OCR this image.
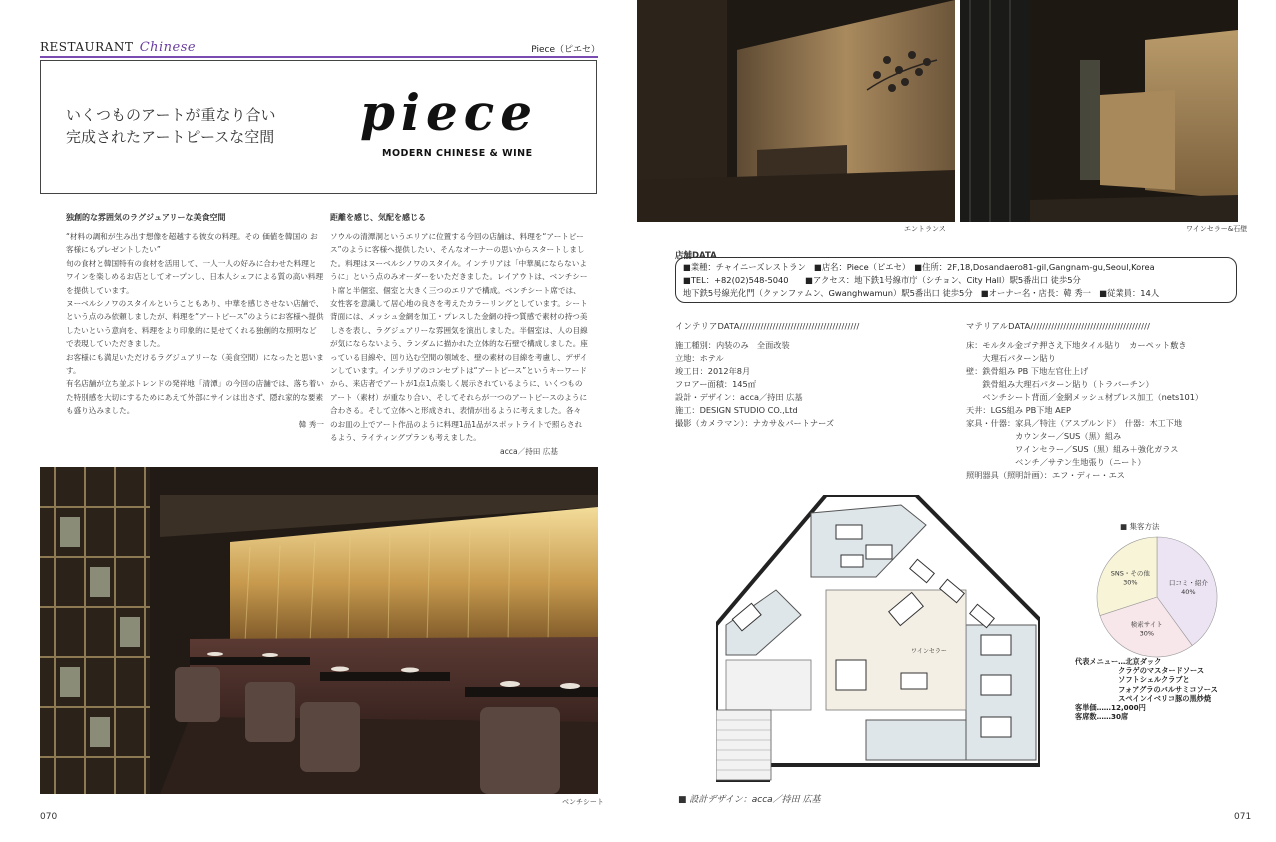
RESTAURANT Chinese	Piece（ピエセ）
いくつものアートが重なり合い
完成されたアートピースな空間 piece
MODERN CHINESE & WINE
独創的な雰囲気のラグジュアリーな美食空間
“材料の調和が生み出す想像を超越する彼女の料理。その 価値を韓国の お客様にもプレゼントしたい”
旬の食材と韓国特有の食材を活用して、一人一人の好みに合わせた料理とワインを楽しめるお店としてオープンし、日本人シェフによる質の高い料理を提供しています。
ヌーベルシノワのスタイルということもあり、中華を感じさせない店舗で、という点のみ依頼しましたが、料理を“アートピース”のようにお客様へ提供したいという意向を、料理をより印象的に見せてくれる独創的な照明などで表現していただきました。
お客様にも満足いただけるラグジュアリーな（美食空間）になったと思います。
有名店舗が立ち並ぶトレンドの発祥地「清潭」の今回の店舗では、落ち着いた特別感を大切にするためにあえて外部にサインは出さず、隠れ家的な要素も盛り込みました。
韓 秀一
距離を感じ、気配を感じる
ソウルの清潭洞というエリアに位置する今回の店舗は、料理を“アートピース”のように客様へ提供したい、そんなオーナーの思いからスタートしました。料理はヌーベルシノワのスタイル。インテリアは「中華風にならないように」という点のみオーダーをいただきました。レイアウトは、ベンチシート席と半個室、個室と大きく三つのエリアで構成。ベンチシート席では、女性客を意識して居心地の良さを考えたカラーリングとしています。シート背面には、メッシュ金網を加工・プレスした金網の持つ質感で素材の持つ美しさを表し、ラグジュアリーな雰囲気を演出しました。半個室は、人の目線が気にならないよう、ランダムに描かれた立体的な石壁で構成しました。座っている目線や、回り込む空間の領域を、壁の素材の目線を考慮し、デザインしています。インテリアのコンセプトは“アートピース”というキーワードから、来店者でアートが1点1点楽しく展示されているように、いくつものアート（素材）が重なり合い、そしてそれらが一つのアートピースのように合わさる。そして立体へと形成され、表情が出るように考えました。各々のお皿の上でアート作品のように料理1品1品がスポットライトで照らされるよう、ライティングプランも考えました。
acca／持田 広基
ベンチシート
070
エントランス	ワインセラー&石壁
店舗DATA
■業種：チャイニーズレストラン　■店名：Piece（ピエセ）　■住所：2F,18,Dosandaero81-gil,Gangnam-gu,Seoul,Korea
■TEL：+82(02)548-5040　　■アクセス：地下鉄1号線市庁（シチョン、City Hall）駅5番出口 徒歩5分
地下鉄5号線光化門（クァンファムン、Gwanghwamun）駅5番出口 徒歩5分　■オーナー名・店長：韓 秀一　■従業員：14人
インテリアDATA////////////////////////////////////////
施工種別：内装のみ　全面改装
立地：ホテル
竣工日：2012年8月
フロアー面積：145㎡
設計・デザイン：acca／持田 広基
施工：DESIGN STUDIO CO.,Ltd
撮影（カメラマン）：ナカサ＆パートナーズ
マテリアルDATA////////////////////////////////////////
床：モルタル金ゴテ押さえ下地タイル貼り　カーペット敷き
　　大理石パターン貼り
壁：鉄骨組み PB 下地左官仕上げ
　　鉄骨組み大理石パターン貼り（トラバーチン）
　　ベンチシート背面／金網メッシュ材プレス加工（nets101）
天井：LGS組み PB下地 AEP
家具・什器：家具／特注（アスプルンド）　什器：木工下地
　　　　　　カウンター／SUS（黒）組み
　　　　　　ワインセラー／SUS（黒）組み＋強化ガラス
　　　　　　ベンチ／サテン生地張り（ニート）
照明器具（照明計画）：エフ・ディー・エス
ワインセラー
■ 集客方法
口コミ・紹介
40%
検索サイト
30%
SNS・その他
30%
代表メニュー…北京ダック
　　　　　　クラゲのマスタードソース
　　　　　　ソフトシェルクラブと
　　　　　　フォアグラのバルサミコソース
　　　　　　スペインイベリコ豚の黒炒焼
客単価……12,000円
客席数……30席
■ 設計デザイン：acca／持田 広基
071
